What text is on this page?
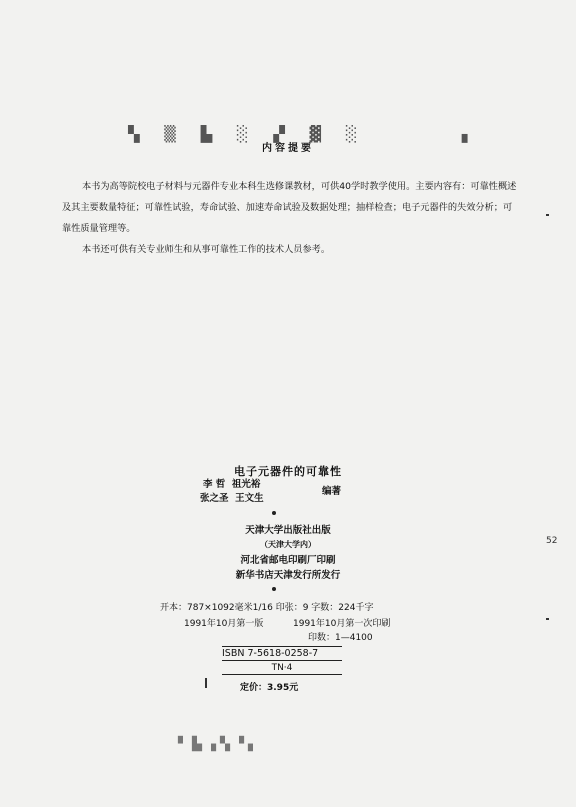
▚ ▒ ▙ ░ ▞ ▓ ░      ▗
内容提要

本书为高等院校电子材料与元器件专业本科生选修课教材，可供40学时教学使用。主要内容有：可靠性概述及其主要数量特征；可靠性试验，寿命试验、加速寿命试验及数据处理；抽样检查；电子元器件的失效分析；可靠性质量管理等。

本书还可供有关专业师生和从事可靠性工作的技术人员参考。

电子元器件的可靠性
李 哲  祖光裕
张之圣  王文生
编著
天津大学出版社出版
（天津大学内）
河北省邮电印刷厂印刷
新华书店天津发行所发行
开本：787×1092毫米1/16 印张：9 字数：224千字
1991年10月第一版	1991年10月第一次印刷
印数：1—4100
ISBN 7-5618-0258-7
TN·4
定价：3.95元
52
▘▙▗▚▝▖
